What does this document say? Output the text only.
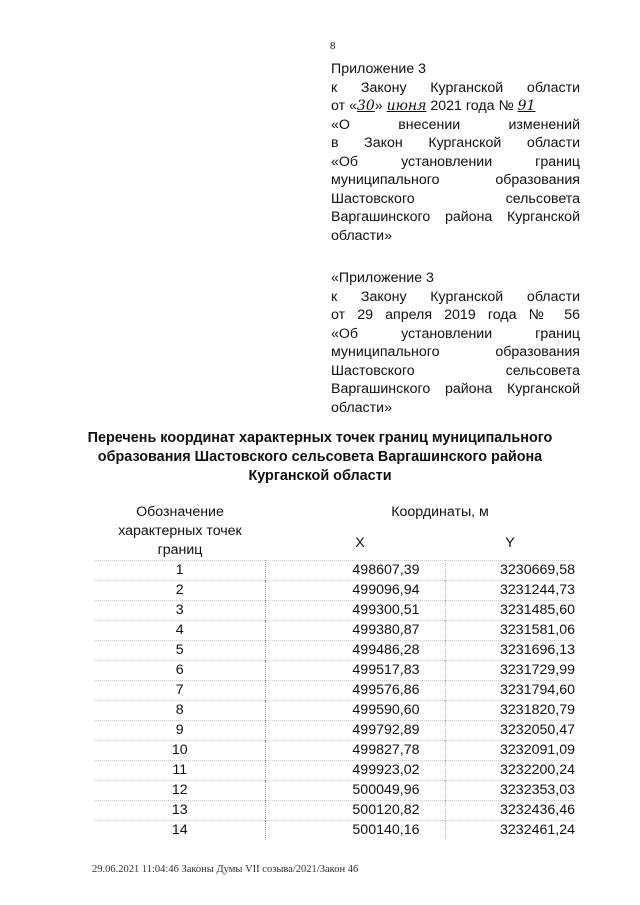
8
Приложение 3
к Закону Курганской области
от «30» июня 2021 года № 91
«О внесении изменений
в Закон Курганской области
«Об установлении границ
муниципального образования
Шастовского сельсовета
Варгашинского района Курганской
области»
«Приложение 3
к Закону Курганской области
от 29 апреля 2019 года № 56
«Об установлении границ
муниципального образования
Шастовского сельсовета
Варгашинского района Курганской
области»
Перечень координат характерных точек границ муниципального
образования Шастовского сельсовета Варгашинского района
Курганской области
Обозначение характерных точек границ	Координаты, м	
	X	Y
1	498607,39	3230669,58
2	499096,94	3231244,73
3	499300,51	3231485,60
4	499380,87	3231581,06
5	499486,28	3231696,13
6	499517,83	3231729,99
7	499576,86	3231794,60
8	499590,60	3231820,79
9	499792,89	3232050,47
10	499827,78	3232091,09
11	499923,02	3232200,24
12	500049,96	3232353,03
13	500120,82	3232436,46
14	500140,16	3232461,24
29.06.2021 11:04:46 Законы Думы VII созыва/2021/Закон 46
